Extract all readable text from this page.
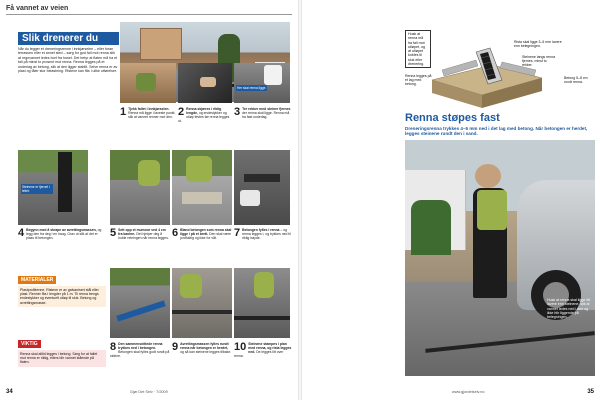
Få vannet av veien
Slik drenerer du
Når du legger et dreneringsrenne i innkjørselen – eller foran terrassen eller et annet sted – sørg for god fall mot renna slik at regnvannet ledes bort fra huset. Det betyr at flaten må ha et fall på minst to prosent mot renna. Renna legges på et underlag av betong, slik at den ligger stabilt. Selve renna er av plast og tåler stor belastning. Ristene kan fås i ulike utførelser.
Her skal renna ligge.
1 Tjekk fallet i innkjørselen. Renna må ligge i laveste punkt, slik at vannet renner mot den. 2 Renna skjæres i riktig lengde, og endestykker og utløp festes før renna legges ut.
3 Tre rekker med steiner fjernes der renna skal ligge. Renna må ha fast underlag.
Steinene er fjernet i feltet.
4 Begynn med å skrape av avrettingsmassen, og legg den fra deg i en haug. Grav ut slik at det er plass til betongen.	5 Sett opp et mursnor ved 4 cm fra kanten. Det hjelper deg å holde retningen når renna legges. 6 Bland betongen som renna skal ligge i på et brett. Den skal være jordfuktig og ikke for våt.	7 Betongen fylles i renna – og renna legges i, og trykkes ned til riktig høyde.
MATERIALER
Plastprofilrenne. Ristene er av galvanisert stål eller plast. Renner fås i lengder på 1 m. Til renna trengs endestykker og eventuelt utløp til sluk. Betong og avrettingsmasse.
VIKTIG
Renna skal alltid legges i betong. Sørg for at fallet mot renna er riktig, ellers blir vannet stående på flaten.
8 Den sammensnittede renna trykkes ned i betongen. Betongen skal fylles godt rundt på sidene.
9 Avrettingsmassen fylles rundt renna når betongen er herdet, og så kan steinene legges tilbake. 10 Steinene stampes i plan med renna, og rista legges ned. De legges litt over renna.
34	Gjør Det Selv · 7/2009
Renna legges på et lag med betong.
Rista skal ligge 3–5 mm lavere enn belegningen.
Steinene langs renna fjernes, minst to rekker.
Betong 5–8 cm rundt renna.
Husk at renna må ha fall mot utløpet, og at utløpet kobles til sluk eller drenering.
Renna støpes fast
Dreneringsrenna trykkes 4–5 mm ned i det lag med betong. Når betongen er herdet, legges steinene rundt den i sand.
Husk at renna skal ligge litt lavere enn steinene, slik at vannet ledes ned i den og ikke blir liggende på belegningen.
35
www.gjordetselv.no
